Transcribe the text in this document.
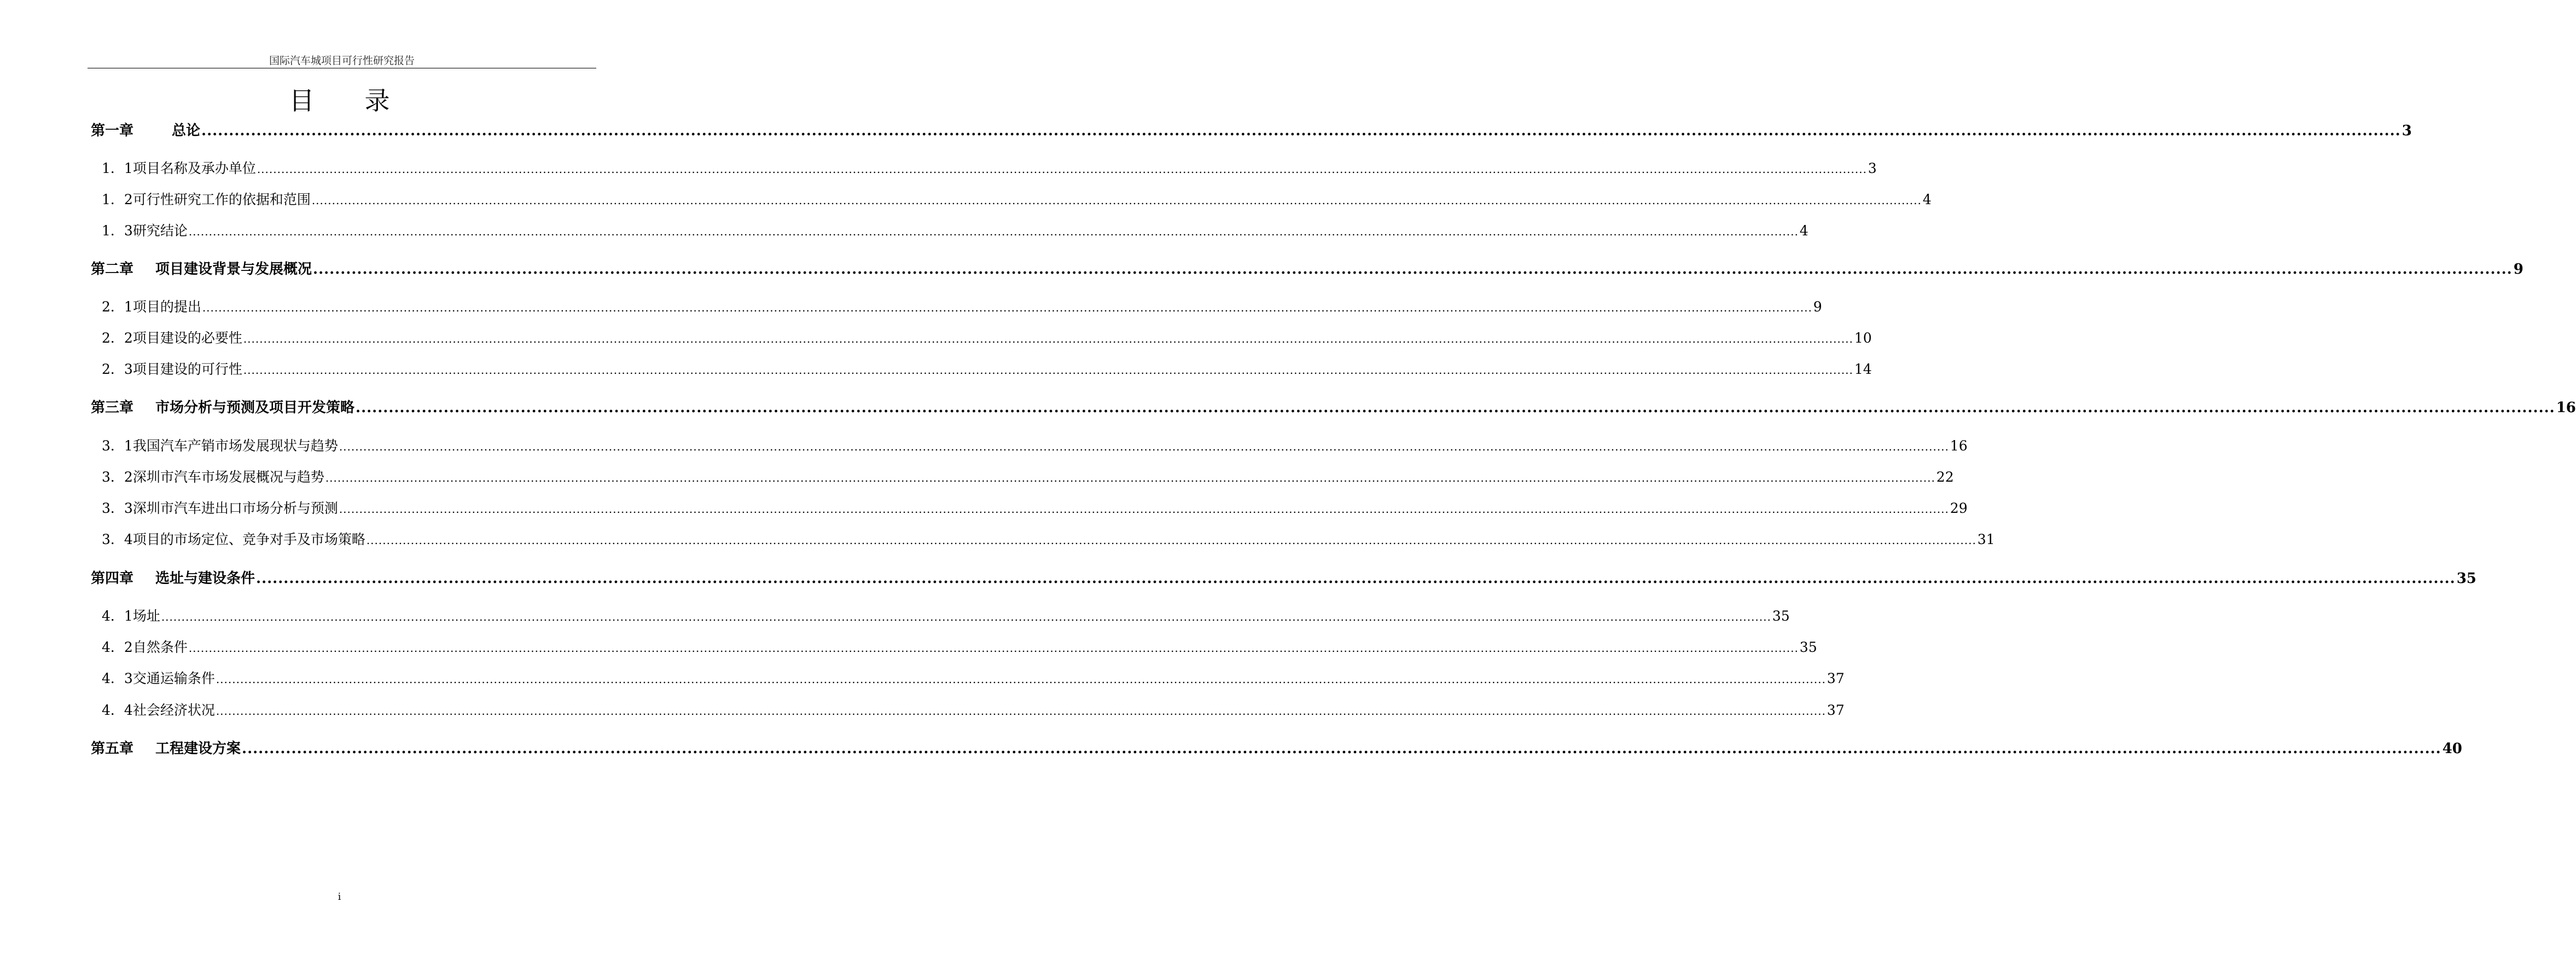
国际汽车城项目可行性研究报告
目 录
第一章	总论 ................................................................................................................................................................................................................................................................................................................................................................................................................ 3
1．1 项目名称及承办单位 ................................................................................................................................................................................................................................................................................................................................................................................................................ 3
1．2 可行性研究工作的依据和范围 ................................................................................................................................................................................................................................................................................................................................................................................................................ 4
1．3 研究结论 ................................................................................................................................................................................................................................................................................................................................................................................................................ 4
第二章	项目建设背景与发展概况 ................................................................................................................................................................................................................................................................................................................................................................................................................ 9
2．1 项目的提出 ................................................................................................................................................................................................................................................................................................................................................................................................................ 9
2．2 项目建设的必要性 ................................................................................................................................................................................................................................................................................................................................................................................................................ 10
2．3 项目建设的可行性 ................................................................................................................................................................................................................................................................................................................................................................................................................ 14
第三章	市场分析与预测及项目开发策略 ................................................................................................................................................................................................................................................................................................................................................................................................................ 16
3．1 我国汽车产销市场发展现状与趋势 ................................................................................................................................................................................................................................................................................................................................................................................................................ 16
3．2 深圳市汽车市场发展概况与趋势 ................................................................................................................................................................................................................................................................................................................................................................................................................ 22
3．3 深圳市汽车进出口市场分析与预测 ................................................................................................................................................................................................................................................................................................................................................................................................................ 29
3．4 项目的市场定位、竞争对手及市场策略 ................................................................................................................................................................................................................................................................................................................................................................................................................ 31
第四章	选址与建设条件 ................................................................................................................................................................................................................................................................................................................................................................................................................ 35
4．1 场址 ................................................................................................................................................................................................................................................................................................................................................................................................................ 35
4．2 自然条件 ................................................................................................................................................................................................................................................................................................................................................................................................................ 35
4．3 交通运输条件 ................................................................................................................................................................................................................................................................................................................................................................................................................ 37
4．4 社会经济状况 ................................................................................................................................................................................................................................................................................................................................................................................................................ 37
第五章	工程建设方案 ................................................................................................................................................................................................................................................................................................................................................................................................................ 40
i
